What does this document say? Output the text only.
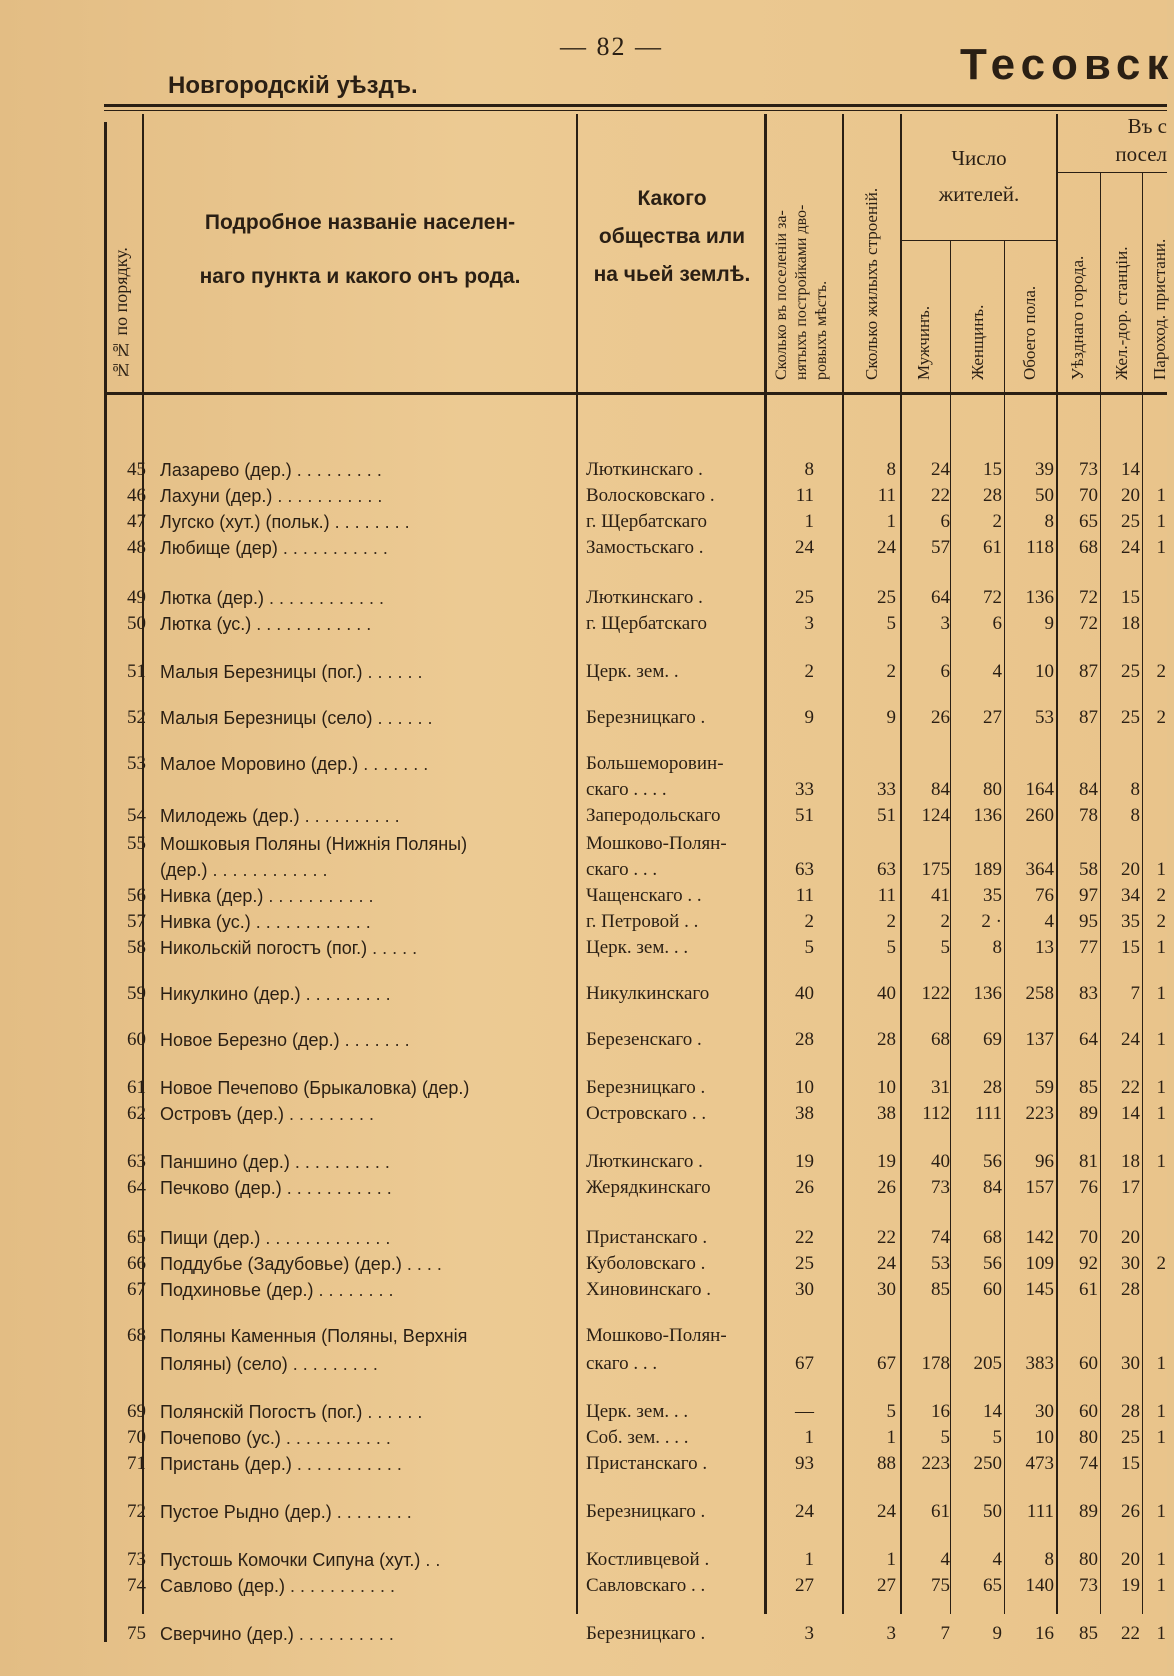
— 82 —
Новгородскій уѣздъ.	Тесовск
№№ по порядку.
Подробное названіе населен-
наго пункта и какого онъ рода.
Какого
общества или
на чьей землѣ.	Сколько въ поселеніи за- нятыхъ постройками дво- ровыхъ мѣстъ. Сколько жилыхъ строеній.
Число
жителей.
Мужчинъ. Женщинъ. Обоего пола.
Въ с
посел
Уѣзднаго города. Жел.-дор. станціи. Пароход. пристани.
45 Лазарево (дер.) . . . . . . . . .	Люткинскаго .	8	8	24	15	39	73	14
46 Лахуни (дер.) . . . . . . . . . . .	Волосковскаго .	11	11	22	28	50	70	20 1
47 Лугско (хут.) (польк.) . . . . . . . .	г. Щербатскаго	1	1	6	2	8	65	25 1
48 Любище (дер) . . . . . . . . . . .	Замостьскаго .	24	24	57	61	118	68	24 1
49 Лютка (дер.) . . . . . . . . . . . .	Люткинскаго .	25	25	64	72	136	72	15
50 Лютка (ус.) . . . . . . . . . . . .	г. Щербатскаго	3	5	3	6	9	72	18
51 Малыя Березницы (пог.) . . . . . .	Церк. зем. .	2	2	6	4	10	87	25 2
52 Малыя Березницы (село) . . . . . .	Березницкаго .	9	9	26	27	53	87	25 2
53 Малое Моровино (дер.) . . . . . . .	Большеморовин-
скаго . . . .	33	33	84	80	164	84	8
54 Милодежь (дер.) . . . . . . . . . .	Заперодольскаго	51	51	124	136	260	78	8
55 Мошковыя Поляны (Нижнія Поляны)	Мошково-Полян-
(дер.) . . . . . . . . . . . .	скаго . . .	63	63	175	189	364	58	20 1
56 Нивка (дер.) . . . . . . . . . . .	Чащенскаго . .	11	11	41	35	76	97	34 2
57 Нивка (ус.) . . . . . . . . . . . .	г. Петровой . .	2	2	2	2 ·	4	95	35 2
58 Никольскій погостъ (пог.) . . . . .	Церк. зем. . .	5	5	5	8	13	77	15 1
59 Никулкино (дер.) . . . . . . . . .	Никулкинскаго	40	40	122	136	258	83	7 1
60 Новое Березно (дер.) . . . . . . .	Березенскаго .	28	28	68	69	137	64	24 1
61 Новое Печепово (Брыкаловка) (дер.)	Березницкаго .	10	10	31	28	59	85	22 1
62 Островъ (дер.) . . . . . . . . .	Островскаго . .	38	38	112	111	223	89	14 1
63 Паншино (дер.) . . . . . . . . . .	Люткинскаго .	19	19	40	56	96	81	18 1
64 Печково (дер.) . . . . . . . . . . .	Жерядкинскаго	26	26	73	84	157	76	17
65 Пищи (дер.) . . . . . . . . . . . . .	Пристанскаго .	22	22	74	68	142	70	20
66 Поддубье (Задубовье) (дер.) . . . .	Куболовскаго .	25	24	53	56	109	92	30 2
67 Подхиновье (дер.) . . . . . . . .	Хиновинскаго .	30	30	85	60	145	61	28
68 Поляны Каменныя (Поляны, Верхнія	Мошково-Полян-
Поляны) (село) . . . . . . . . .	скаго . . .	67	67	178	205	383	60	30 1
69 Полянскій Погостъ (пог.) . . . . . .	Церк. зем. . .	—	5	16	14	30	60	28 1
70 Почепово (ус.) . . . . . . . . . . .	Соб. зем. . . .	1	1	5	5	10	80	25 1
71 Пристань (дер.) . . . . . . . . . . .	Пристанскаго .	93	88	223	250	473	74	15
72 Пустое Рыдно (дер.) . . . . . . . .	Березницкаго .	24	24	61	50	111	89	26 1
73 Пустошь Комочки Сипуна (хут.) . .	Костливцевой .	1	1	4	4	8	80	20 1
74 Савлово (дер.) . . . . . . . . . . .	Савловскаго . .	27	27	75	65	140	73	19 1
75 Сверчино (дер.) . . . . . . . . . .	Березницкаго .	3	3	7	9	16	85	22 1
